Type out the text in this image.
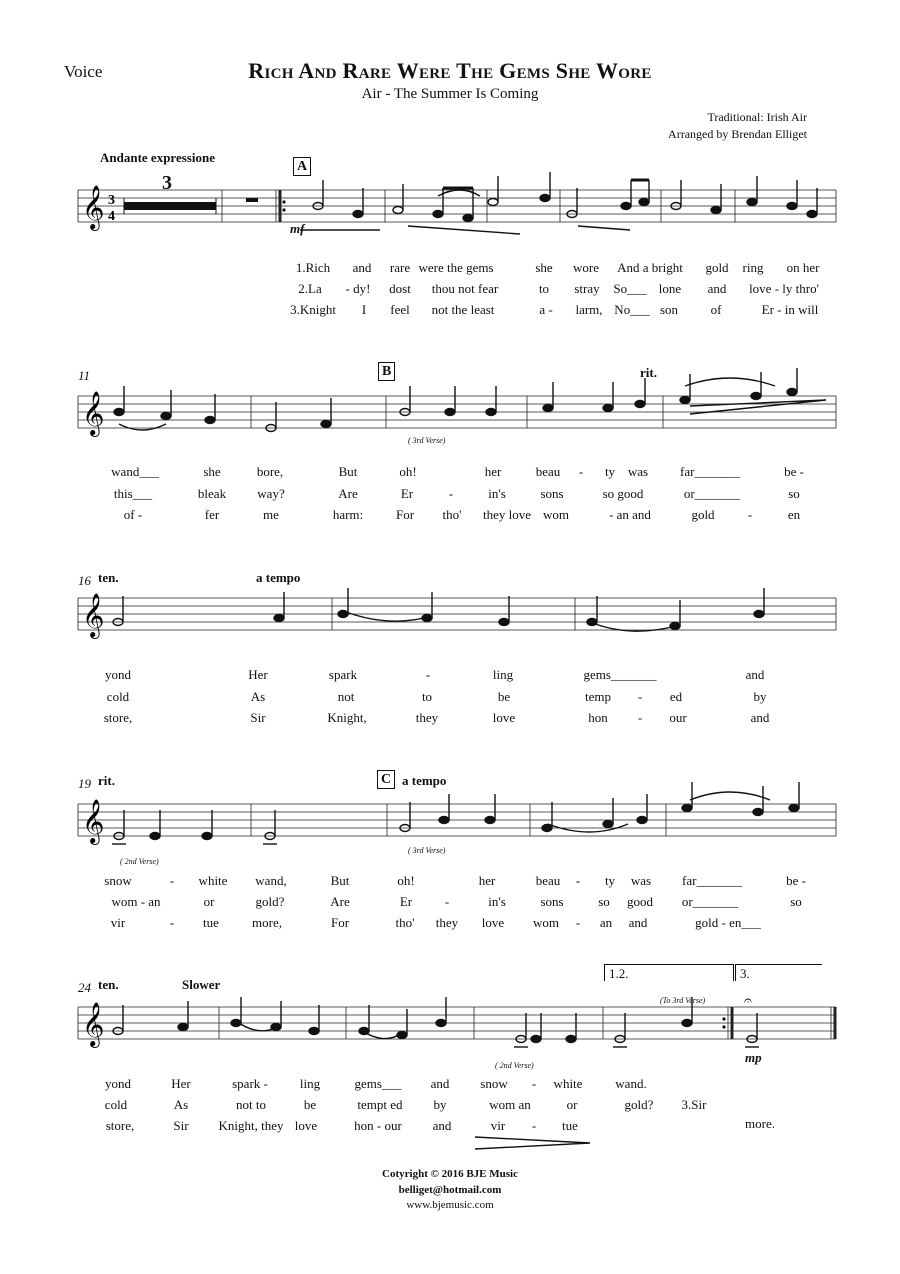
Voice	Rich And Rare Were The Gems She Wore
Air - The Summer Is Coming
Traditional: Irish Air
Arranged by Brendan Elliget
Andante expressione
3
A
mf
𝄞 3
4
1.Rich and rare were the gems	she wore And a bright gold ring on her
2.La - dy! dost thou not fear	to stray So___ lone and love - ly thro'
3.Knight I feel not the least	a - larm, No___ son	of	Er - in will
11	B	rit.
( 3rd Verse)
𝄞
wand___	she	bore,	But	oh!	her	beau - ty was far_______	be -
this___	bleak way?	Are	Er	-	in's	sons	so good	or_______	so
of -	fer	me	harm:	For tho' they love wom	- an and	gold	-	en
16 ten.	a tempo
𝄞
yond	Her	spark	-	ling	gems_______	and
cold	As	not	to	be	temp - ed	by
store,	Sir	Knight,	they	love	hon - our	and
19 rit.	C a tempo
( 2nd Verse)
( 3rd Verse)
𝄞
snow	- white wand,	But	oh!	her	beau - ty was far_______	be -
wom - an	or	gold?	Are	Er	-	in's	sons	so good or_______	so
vir	- tue	more,	For	tho' they love wom - an and	gold - en___
24 ten.	Slower
1.2.	3.
(To 3rd Verse)
( 2nd Verse)
mp
𝄞
𝄐
yond	Her	spark - ling	gems___ and snow - white	wand.
cold	As	not to	be	tempt ed by	wom an	or	gold? 3.Sir
store,	Sir Knight, they love	hon - our and	vir - tue	more.
Cotyright © 2016 BJE Music
belliget@hotmail.com
www.bjemusic.com
